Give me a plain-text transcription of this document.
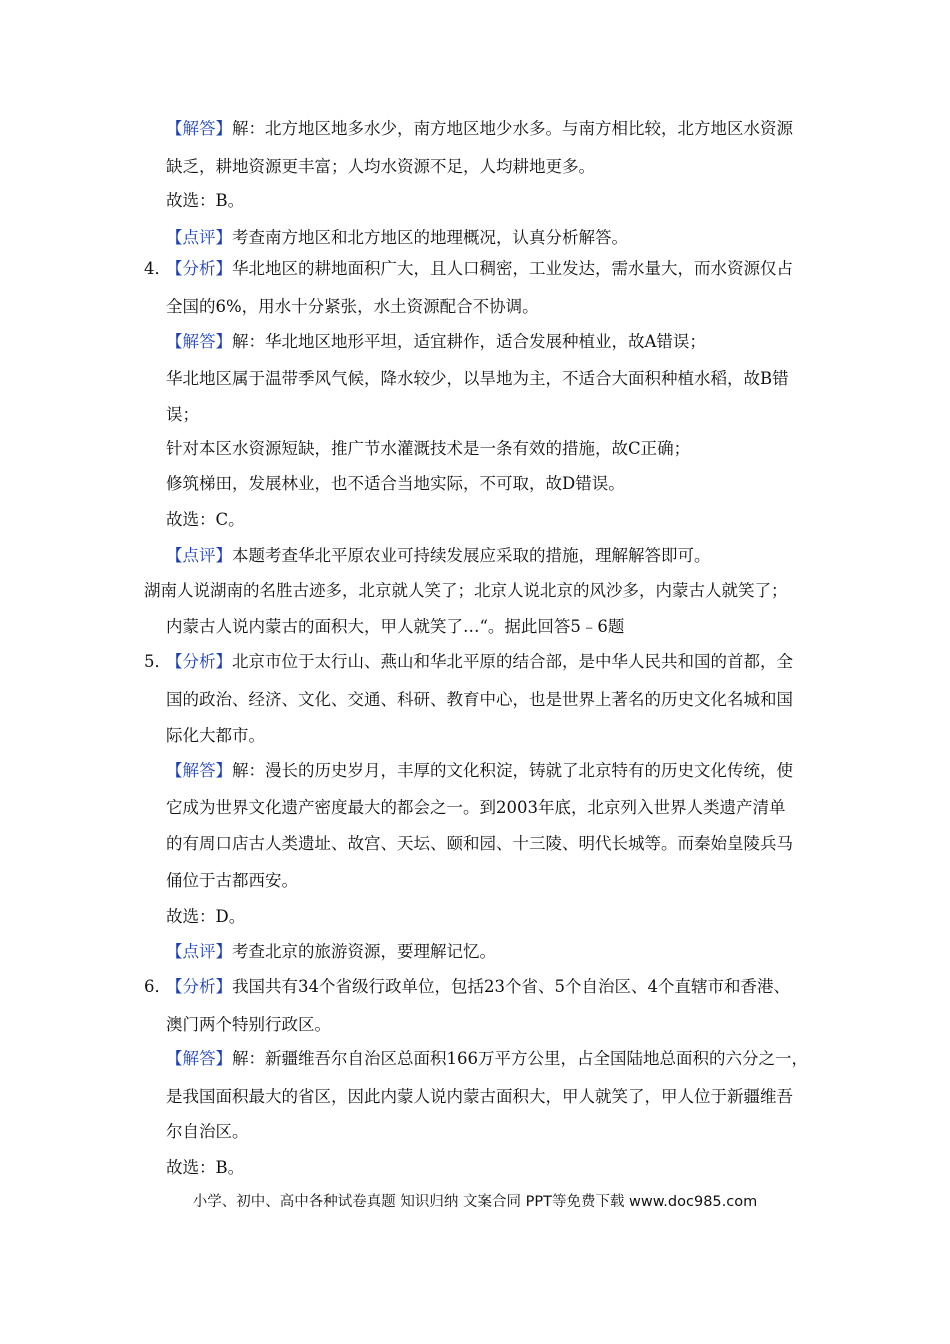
【解答】解：北方地区地多水少，南方地区地少水多。与南方相比较，北方地区水资源
缺乏，耕地资源更丰富；人均水资源不足，人均耕地更多。
故选：B。
【点评】考查南方地区和北方地区的地理概况，认真分析解答。
4．
【分析】华北地区的耕地面积广大，且人口稠密，工业发达，需水量大，而水资源仅占
全国的6%，用水十分紧张，水土资源配合不协调。
【解答】解：华北地区地形平坦，适宜耕作，适合发展种植业，故A错误；
华北地区属于温带季风气候，降水较少，以旱地为主，不适合大面积种植水稻，故B错
误；
针对本区水资源短缺，推广节水灌溉技术是一条有效的措施，故C正确；
修筑梯田，发展林业，也不适合当地实际，不可取，故D错误。
故选：C。
【点评】本题考查华北平原农业可持续发展应采取的措施，理解解答即可。
湖南人说湖南的名胜古迹多，北京就人笑了；北京人说北京的风沙多，内蒙古人就笑了；
内蒙古人说内蒙古的面积大，甲人就笑了…“。据此回答5﹣6题
5．
【分析】北京市位于太行山、燕山和华北平原的结合部，是中华人民共和国的首都，全
国的政治、经济、文化、交通、科研、教育中心，也是世界上著名的历史文化名城和国
际化大都市。
【解答】解：漫长的历史岁月，丰厚的文化积淀，铸就了北京特有的历史文化传统，使
它成为世界文化遗产密度最大的都会之一。到2003年底，北京列入世界人类遗产清单
的有周口店古人类遗址、故宫、天坛、颐和园、十三陵、明代长城等。而秦始皇陵兵马
俑位于古都西安。
故选：D。
【点评】考查北京的旅游资源，要理解记忆。
6．
【分析】我国共有34个省级行政单位，包括23个省、5个自治区、4个直辖市和香港、
澳门两个特别行政区。
【解答】解：新疆维吾尔自治区总面积166万平方公里，占全国陆地总面积的六分之一，
是我国面积最大的省区，因此内蒙人说内蒙古面积大，甲人就笑了，甲人位于新疆维吾
尔自治区。
故选：B。
小学、初中、高中各种试卷真题 知识归纳 文案合同 PPT等免费下载 www.doc985.com
